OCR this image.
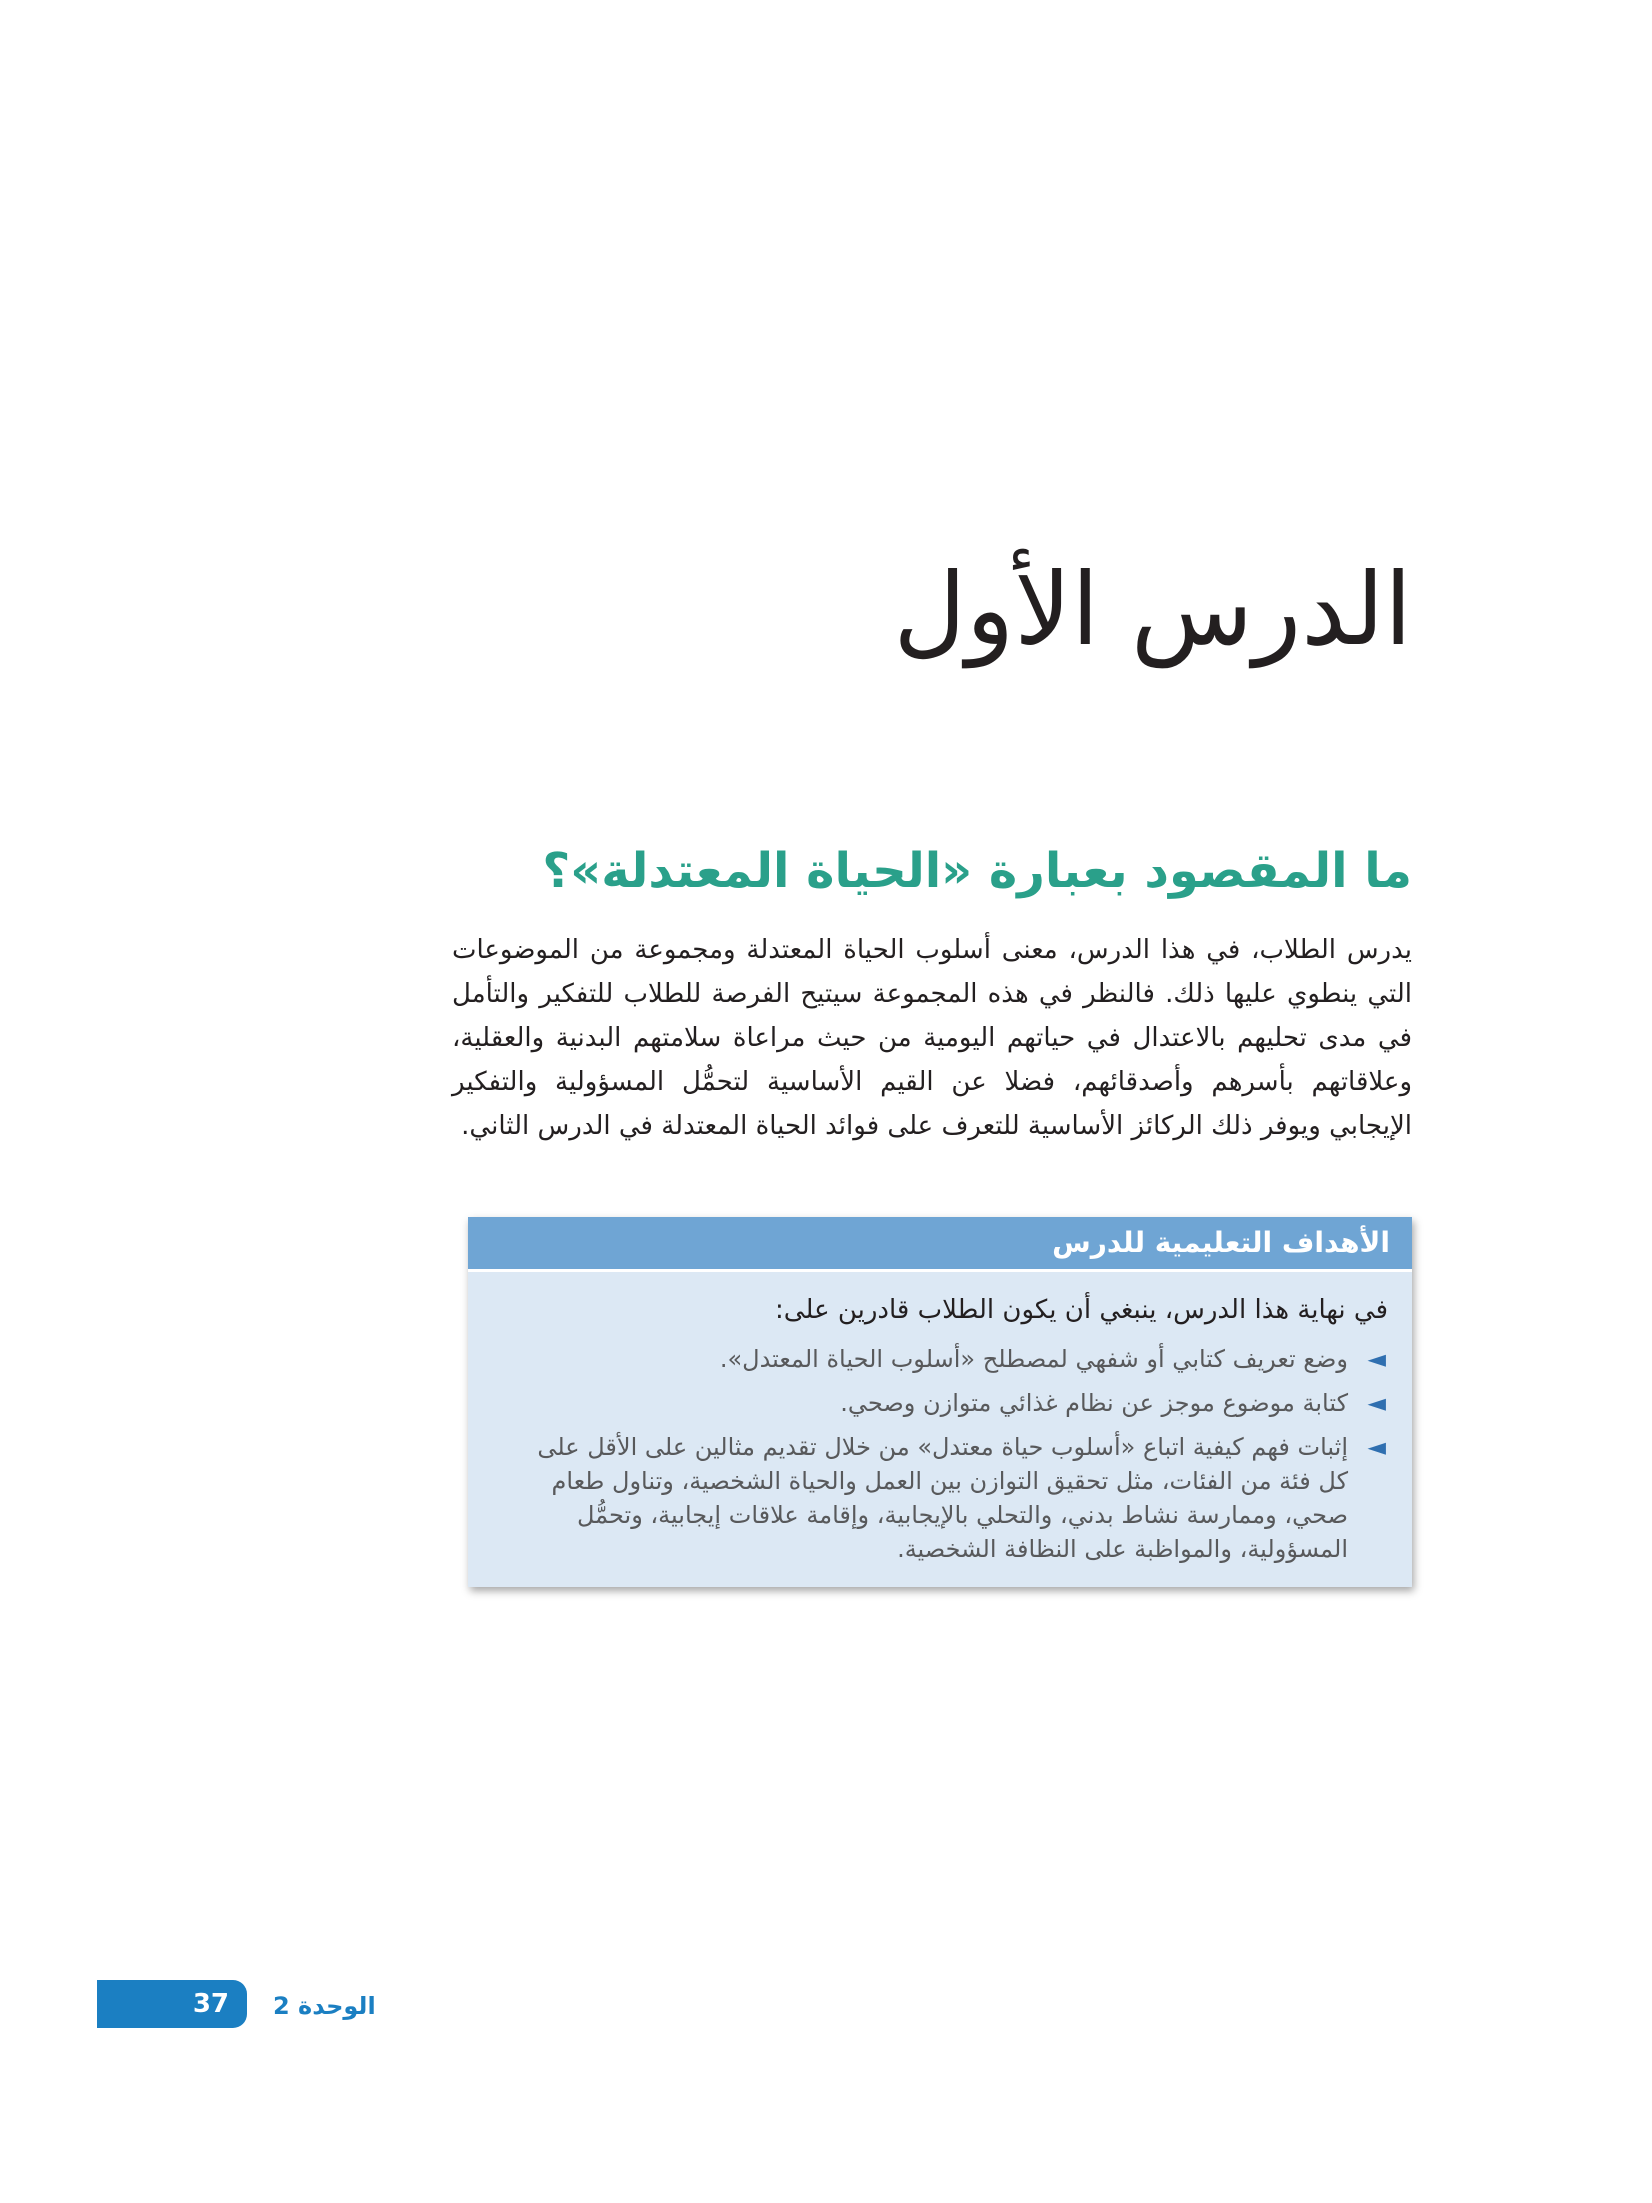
الدرس الأول
ما المقصود بعبارة «الحياة المعتدلة»؟

يدرس الطلاب، في هذا الدرس، معنى أسلوب الحياة المعتدلة ومجموعة من الموضوعات التي ينطوي عليها ذلك. فالنظر في هذه المجموعة سيتيح الفرصة للطلاب للتفكير والتأمل في مدى تحليهم بالاعتدال في حياتهم اليومية من حيث مراعاة سلامتهم البدنية والعقلية، وعلاقاتهم بأسرهم وأصدقائهم، فضلا عن القيم الأساسية لتحمُّل المسؤولية والتفكير الإيجابي ويوفر ذلك الركائز الأساسية للتعرف على فوائد الحياة المعتدلة في الدرس الثاني.

الأهداف التعليمية للدرس
في نهاية هذا الدرس، ينبغي أن يكون الطلاب قادرين على:
◄
وضع تعريف كتابي أو شفهي لمصطلح «أسلوب الحياة المعتدل».
◄
كتابة موضوع موجز عن نظام غذائي متوازن وصحي.
◄
إثبات فهم كيفية اتباع «أسلوب حياة معتدل» من خلال تقديم مثالين على الأقل على كل فئة من الفئات، مثل تحقيق التوازن بين العمل والحياة الشخصية، وتناول طعام صحي، وممارسة نشاط بدني، والتحلي بالإيجابية، وإقامة علاقات إيجابية، وتحمُّل المسؤولية، والمواظبة على النظافة الشخصية.
37	الوحدة 2
